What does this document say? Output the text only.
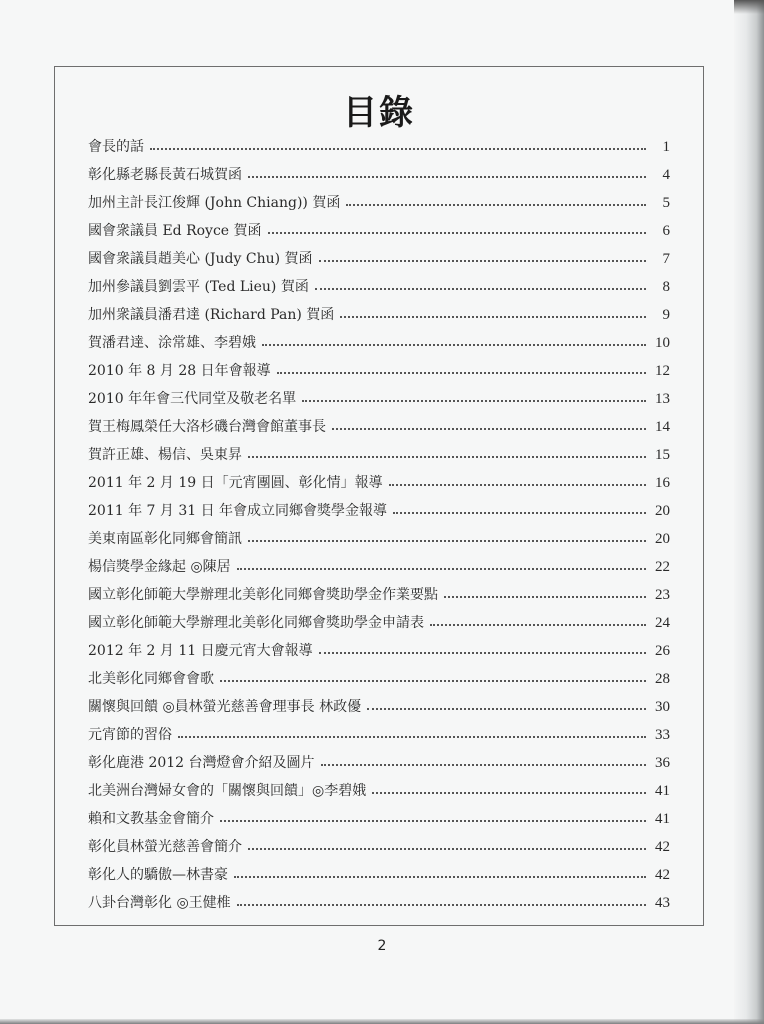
目錄
會長的話	1
彰化縣老縣長黃石城賀函	4
加州主計長江俊輝 (John Chiang)) 賀函	5
國會衆議員 Ed Royce 賀函	6
國會衆議員趙美心 (Judy Chu) 賀函	7
加州參議員劉雲平 (Ted Lieu) 賀函	8
加州衆議員潘君達 (Richard Pan) 賀函	9
賀潘君達、涂常雄、李碧娥	10
2010 年 8 月 28 日年會報導	12
2010 年年會三代同堂及敬老名單	13
賀王梅鳳榮任大洛杉磯台灣會館董事長	14
賀許正雄、楊信、吳東昇	15
2011 年 2 月 19 日「元宵團圓、彰化情」報導	16
2011 年 7 月 31 日 年會成立同鄉會獎學金報導	20
美東南區彰化同鄉會簡訊	20
楊信獎學金緣起 ◎陳居	22
國立彰化師範大學辦理北美彰化同鄉會獎助學金作業要點	23
國立彰化師範大學辦理北美彰化同鄉會獎助學金申請表	24
2012 年 2 月 11 日慶元宵大會報導	26
北美彰化同鄉會會歌	28
關懷與回饋 ◎員林螢光慈善會理事長 林政優	30
元宵節的習俗	33
彰化鹿港 2012 台灣燈會介紹及圖片	36
北美洲台灣婦女會的「關懷與回饋」◎李碧娥	41
賴和文教基金會簡介	41
彰化員林螢光慈善會簡介	42
彰化人的驕傲—林書豪	42
八卦台灣彰化 ◎王健椎	43
2
